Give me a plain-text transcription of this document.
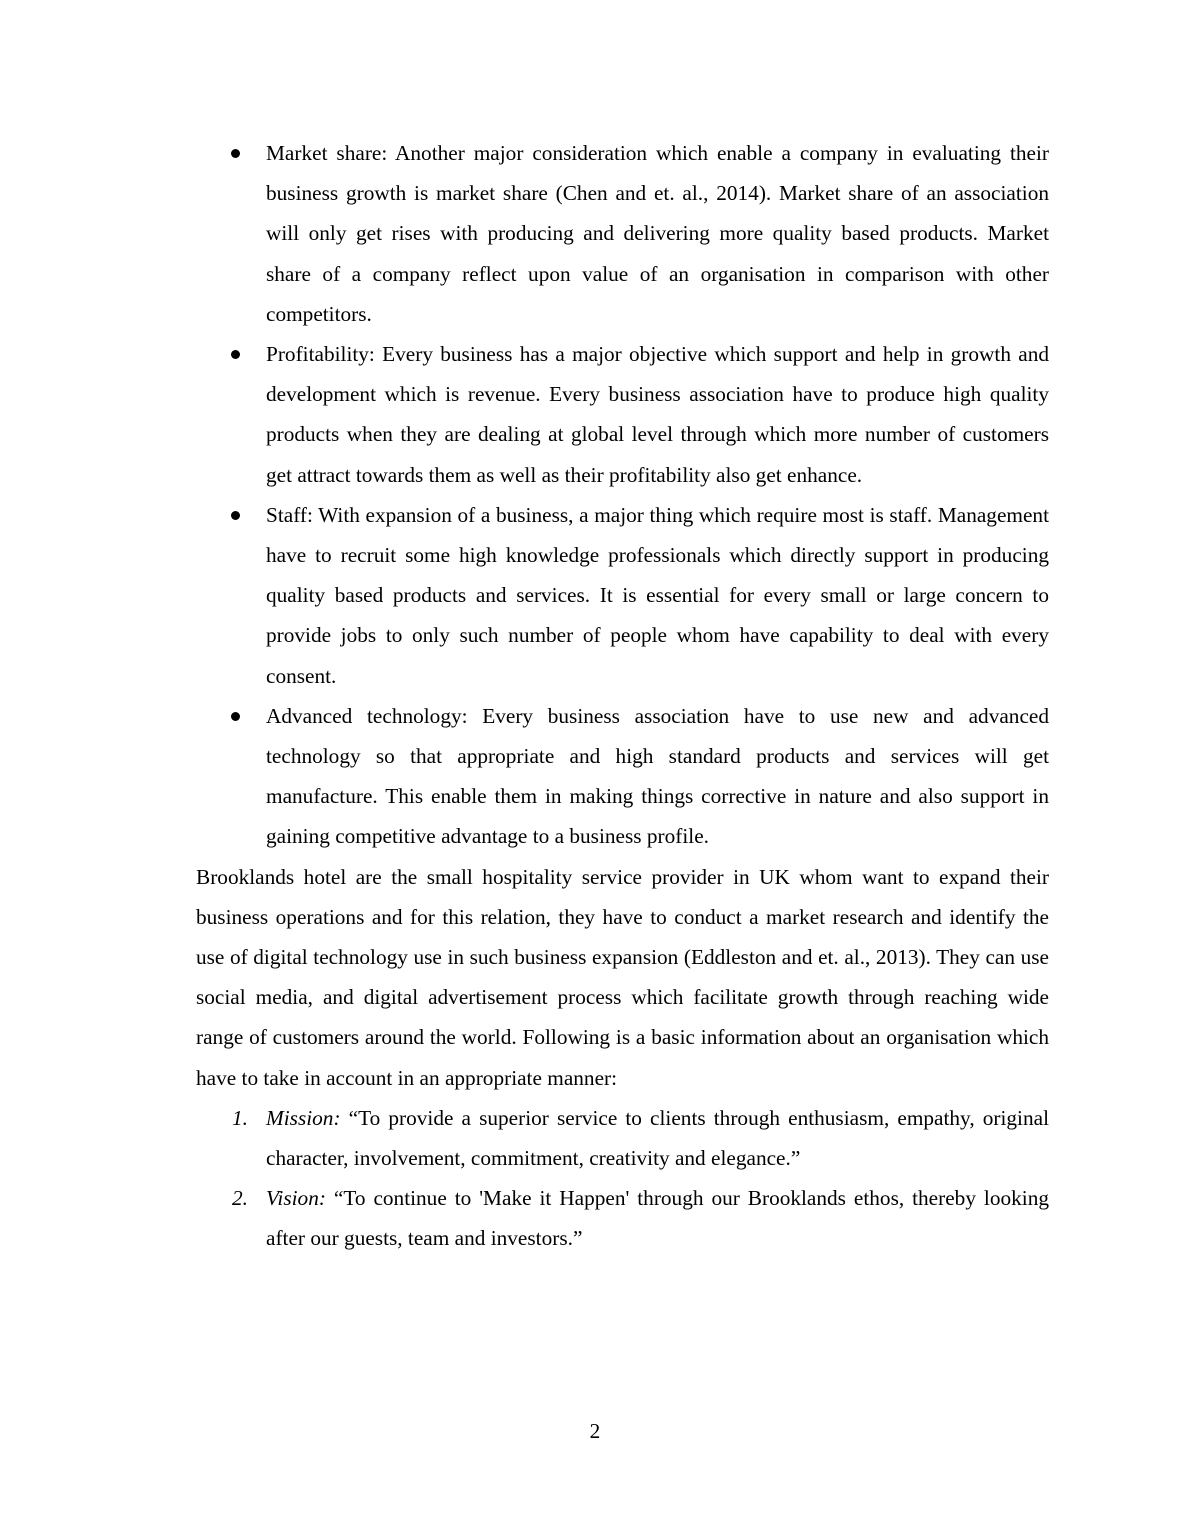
Market share: Another major consideration which enable a company in evaluating their business growth is market share (Chen and et. al., 2014). Market share of an association will only get rises with producing and delivering more quality based products. Market share of a company reflect upon value of an organisation in comparison with other competitors.
Profitability: Every business has a major objective which support and help in growth and development which is revenue. Every business association have to produce high quality products when they are dealing at global level through which more number of customers get attract towards them as well as their profitability also get enhance.
Staff: With expansion of a business, a major thing which require most is staff. Management have to recruit some high knowledge professionals which directly support in producing quality based products and services. It is essential for every small or large concern to provide jobs to only such number of people whom have capability to deal with every consent.
Advanced technology: Every business association have to use new and advanced technology so that appropriate and high standard products and services will get manufacture. This enable them in making things corrective in nature and also support in gaining competitive advantage to a business profile.

Brooklands hotel are the small hospitality service provider in UK whom want to expand their business operations and for this relation, they have to conduct a market research and identify the use of digital technology use in such business expansion (Eddleston and et. al., 2013). They can use social media, and digital advertisement process which facilitate growth through reaching wide range of customers around the world. Following is a basic information about an organisation which have to take in account in an appropriate manner:

1. Mission: “To provide a superior service to clients through enthusiasm, empathy, original character, involvement, commitment, creativity and elegance.”
2. Vision: “To continue to 'Make it Happen' through our Brooklands ethos, thereby looking after our guests, team and investors.”
2
